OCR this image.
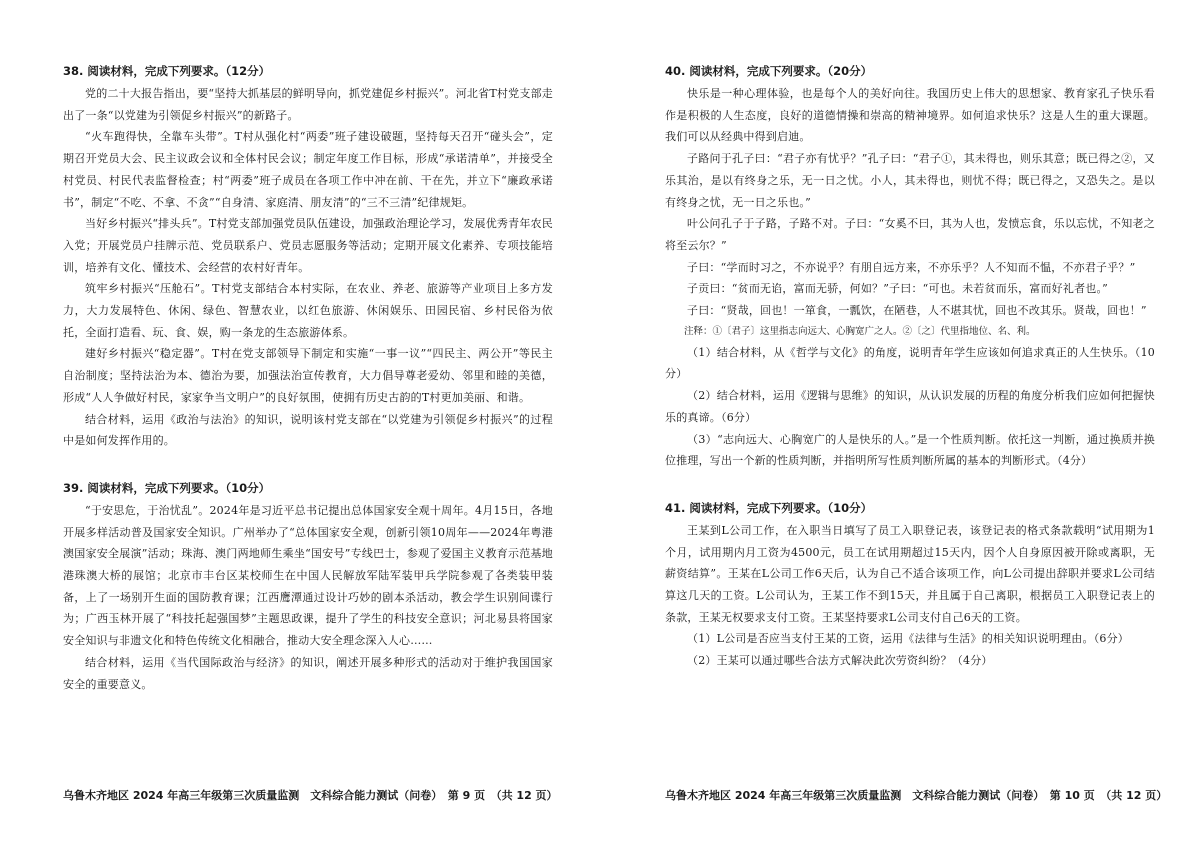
38. 阅读材料，完成下列要求。（12分）

党的二十大报告指出，要“坚持大抓基层的鲜明导向，抓党建促乡村振兴”。河北省T村党支部走出了一条“以党建为引领促乡村振兴”的新路子。

“火车跑得快，全靠车头带”。T村从强化村“两委”班子建设破题，坚持每天召开“碰头会”，定期召开党员大会、民主议政会议和全体村民会议；制定年度工作目标，形成“承诺清单”，并接受全村党员、村民代表监督检查；村“两委”班子成员在各项工作中冲在前、干在先，并立下“廉政承诺书”，制定“不吃、不拿、不贪”“自身清、家庭清、朋友清”的“三不三清”纪律规矩。

当好乡村振兴“排头兵”。T村党支部加强党员队伍建设，加强政治理论学习，发展优秀青年农民入党；开展党员户挂牌示范、党员联系户、党员志愿服务等活动；定期开展文化素养、专项技能培训，培养有文化、懂技术、会经营的农村好青年。

筑牢乡村振兴“压舱石”。T村党支部结合本村实际，在农业、养老、旅游等产业项目上多方发力，大力发展特色、休闲、绿色、智慧农业，以红色旅游、休闲娱乐、田园民宿、乡村民俗为依托，全面打造看、玩、食、娱，购一条龙的生态旅游体系。

建好乡村振兴“稳定器”。T村在党支部领导下制定和实施“一事一议”“四民主、两公开”等民主自治制度；坚持法治为本、德治为要，加强法治宣传教育，大力倡导尊老爱幼、邻里和睦的美德，形成“人人争做好村民，家家争当文明户”的良好氛围，使拥有历史古韵的T村更加美丽、和谐。

结合材料，运用《政治与法治》的知识，说明该村党支部在“以党建为引领促乡村振兴”的过程中是如何发挥作用的。

39. 阅读材料，完成下列要求。（10分）

“于安思危，于治忧乱”。2024年是习近平总书记提出总体国家安全观十周年。4月15日，各地开展多样活动普及国家安全知识。广州举办了“总体国家安全观，创新引领10周年——2024年粤港澳国家安全展演”活动；珠海、澳门两地师生乘坐“国安号”专线巴士，参观了爱国主义教育示范基地港珠澳大桥的展馆；北京市丰台区某校师生在中国人民解放军陆军装甲兵学院参观了各类装甲装备，上了一场别开生面的国防教育课；江西鹰潭通过设计巧妙的剧本杀活动，教会学生识别间谍行为；广西玉林开展了“科技托起强国梦”主题思政课，提升了学生的科技安全意识；河北易县将国家安全知识与非遗文化和特色传统文化相融合，推动大安全理念深入人心……

结合材料，运用《当代国际政治与经济》的知识，阐述开展多种形式的活动对于维护我国国家安全的重要意义。

乌鲁木齐地区 2024 年高三年级第三次质量监测　文科综合能力测试（问卷）　第 9 页　（共 12 页）

40. 阅读材料，完成下列要求。（20分）

快乐是一种心理体验，也是每个人的美好向往。我国历史上伟大的思想家、教育家孔子快乐看作是积极的人生态度，良好的道德情操和崇高的精神境界。如何追求快乐？这是人生的重大课题。我们可以从经典中得到启迪。

子路问于孔子曰：“君子亦有忧乎？”孔子曰：“君子①，其未得也，则乐其意；既已得之②，又乐其治，是以有终身之乐，无一日之忧。小人，其未得也，则忧不得；既已得之，又恐失之。是以有终身之忧，无一日之乐也。”

叶公问孔子于子路，子路不对。子曰：“女奚不曰，其为人也，发愤忘食，乐以忘忧，不知老之将至云尔？”

子曰：“学而时习之，不亦说乎？有朋自远方来，不亦乐乎？人不知而不愠，不亦君子乎？”

子贡曰：“贫而无谄，富而无骄，何如？”子曰：“可也。未若贫而乐，富而好礼者也。”

子曰：“贤哉，回也！一箪食，一瓢饮，在陋巷，人不堪其忧，回也不改其乐。贤哉，回也！”

注释：①〔君子〕这里指志向远大、心胸宽广之人。②〔之〕代里指地位、名、利。

（1）结合材料，从《哲学与文化》的角度，说明青年学生应该如何追求真正的人生快乐。（10分）

（2）结合材料，运用《逻辑与思维》的知识，从认识发展的历程的角度分析我们应如何把握快乐的真谛。（6分）

（3）“志向远大、心胸宽广的人是快乐的人。”是一个性质判断。依托这一判断，通过换质并换位推理，写出一个新的性质判断，并指明所写性质判断所属的基本的判断形式。（4分）

41. 阅读材料，完成下列要求。（10分）

王某到L公司工作，在入职当日填写了员工入职登记表，该登记表的格式条款载明“试用期为1个月，试用期内月工资为4500元，员工在试用期超过15天内，因个人自身原因被开除或离职，无薪资结算”。王某在L公司工作6天后，认为自己不适合该项工作，向L公司提出辞职并要求L公司结算这几天的工资。L公司认为，王某工作不到15天，并且属于自己离职，根据员工入职登记表上的条款，王某无权要求支付工资。王某坚持要求L公司支付自己6天的工资。

（1）L公司是否应当支付王某的工资，运用《法律与生活》的相关知识说明理由。（6分）

（2）王某可以通过哪些合法方式解决此次劳资纠纷？（4分）

乌鲁木齐地区 2024 年高三年级第三次质量监测　文科综合能力测试（问卷）　第 10 页　（共 12 页）
